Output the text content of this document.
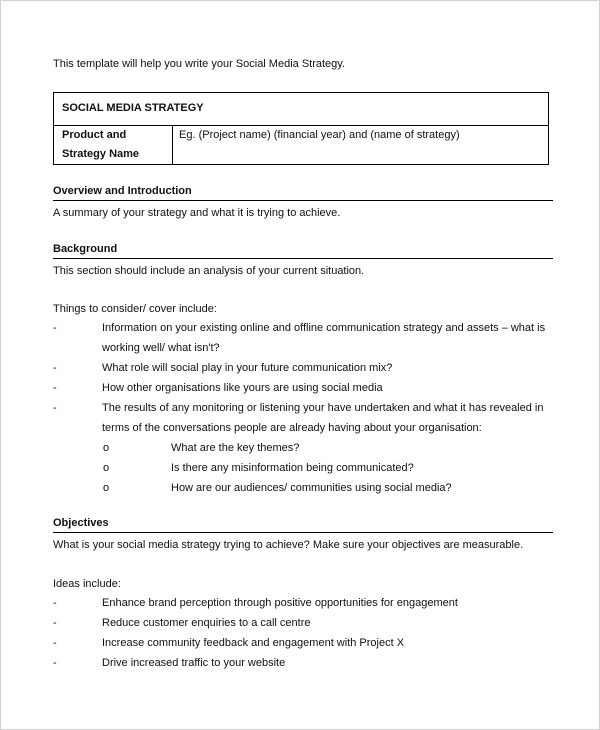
This template will help you write your Social Media Strategy.
SOCIAL MEDIA STRATEGY
Product and Strategy Name	Eg. (Project name) (financial year) and (name of strategy)
Overview and Introduction
A summary of your strategy and what it is trying to achieve.
Background
This section should include an analysis of your current situation.
Things to consider/ cover include:
-	Information on your existing online and offline communication strategy and assets – what is working well/ what isn't?
-	What role will social play in your future communication mix?
-	How other organisations like yours are using social media
-	The results of any monitoring or listening your have undertaken and what it has revealed in terms of the conversations people are already having about your organisation:
o	What are the key themes?
o	Is there any misinformation being communicated?
o	How are our audiences/ communities using social media?
Objectives
What is your social media strategy trying to achieve? Make sure your objectives are measurable.
Ideas include:
-	Enhance brand perception through positive opportunities for engagement
-	Reduce customer enquiries to a call centre
-	Increase community feedback and engagement with Project X
-	Drive increased traffic to your website
